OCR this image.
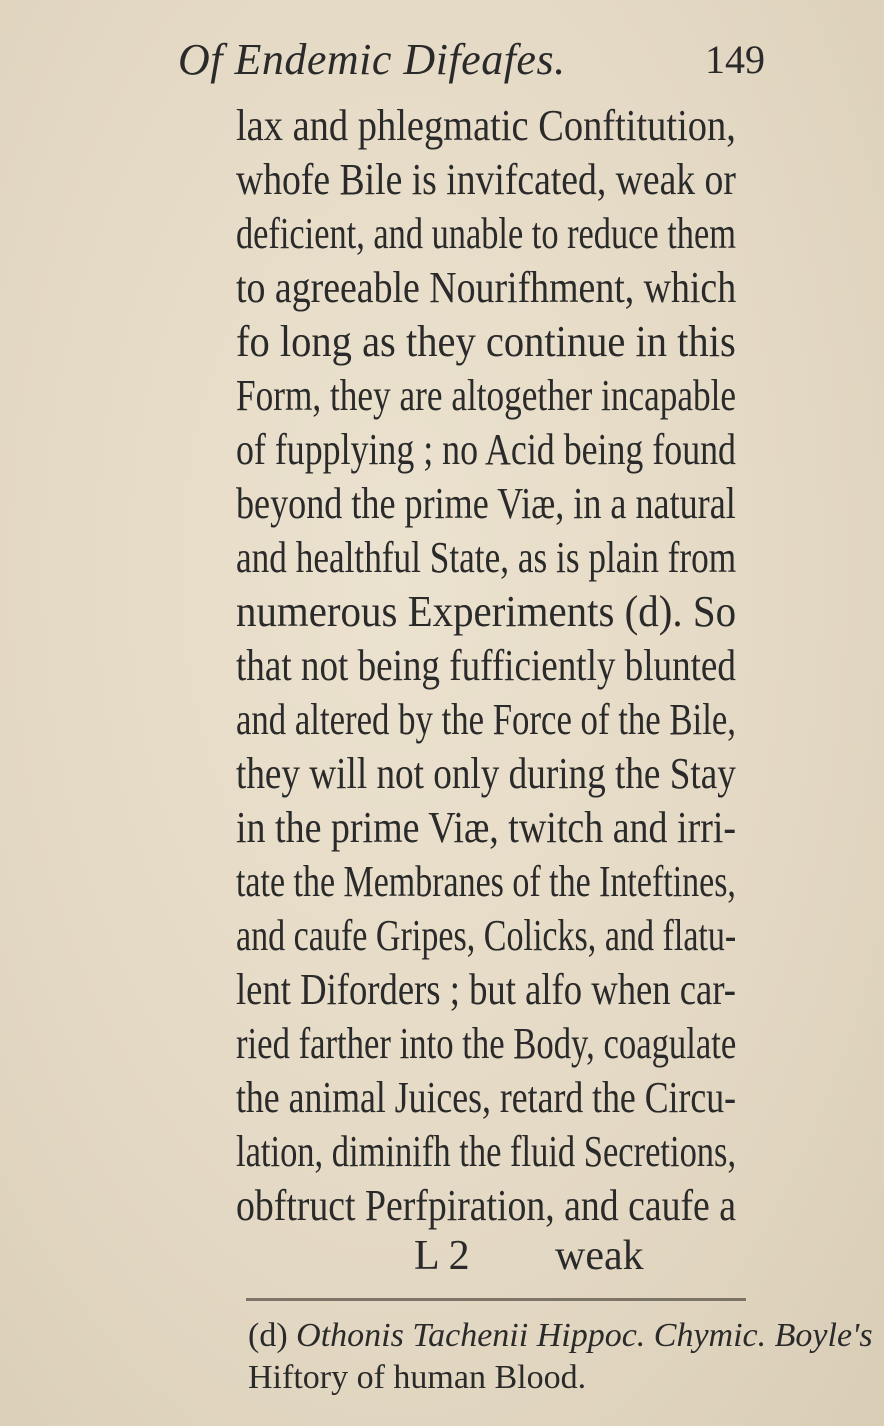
Of Endemic Difeafes.	149
lax and phlegmatic Conftitution,
whofe Bile is invifcated, weak or
deficient, and unable to reduce them
to agreeable Nourifhment, which
fo long as they continue in this
Form, they are altogether incapable
of fupplying ; no Acid being found
beyond the prime Viæ, in a natural
and healthful State, as is plain from
numerous Experiments (d). So
that not being fufficiently blunted
and altered by the Force of the Bile,
they will not only during the Stay
in the prime Viæ, twitch and irri-
tate the Membranes of the Inteftines,
and caufe Gripes, Colicks, and flatu-
lent Diforders ; but alfo when car-
ried farther into the Body, coagulate
the animal Juices, retard the Circu-
lation, diminifh the fluid Secretions,
obftruct Perfpiration, and caufe a
L 2 weak
(d) Othonis Tachenii Hippoc. Chymic. Boyle's
Hiftory of human Blood.
